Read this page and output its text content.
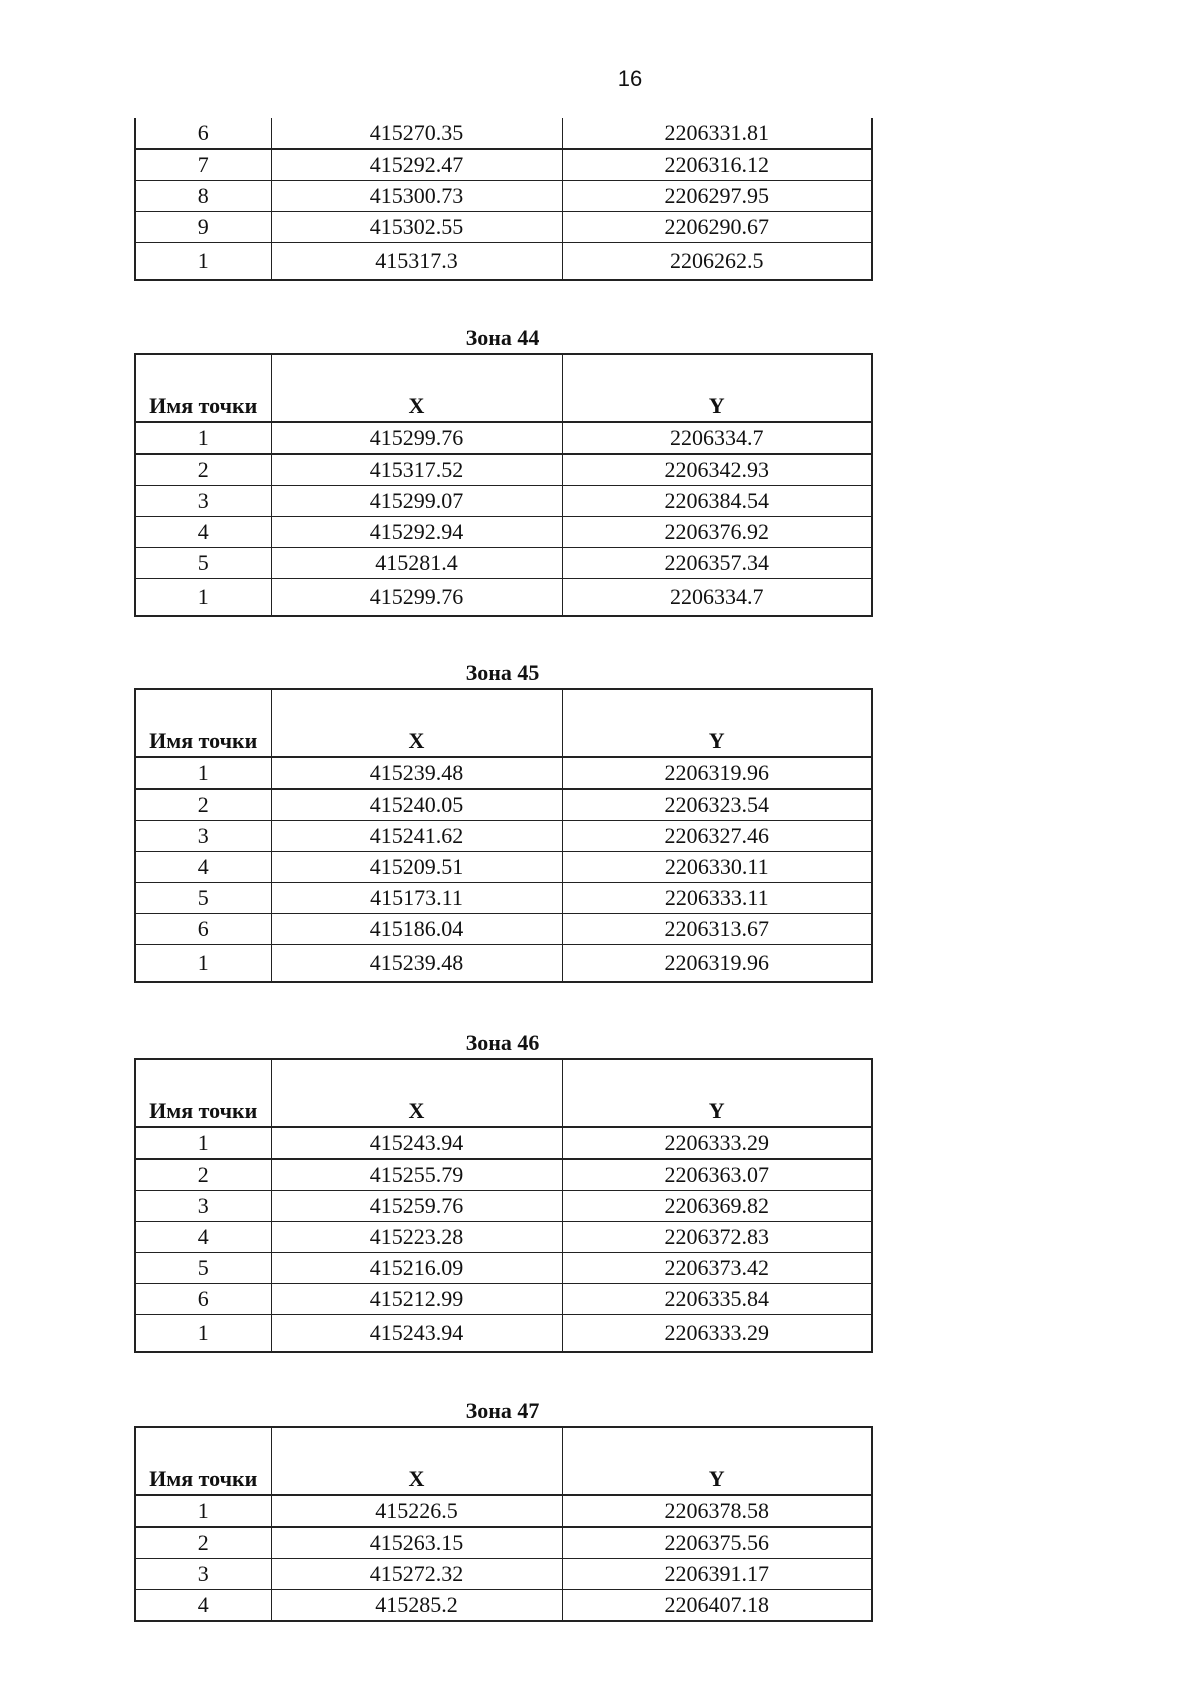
16
6	415270.35	2206331.81
7	415292.47	2206316.12
8	415300.73	2206297.95
9	415302.55	2206290.67
1	415317.3	2206262.5
Зона 44
Имя точки	X	Y
1	415299.76	2206334.7
2	415317.52	2206342.93
3	415299.07	2206384.54
4	415292.94	2206376.92
5	415281.4	2206357.34
1	415299.76	2206334.7
Зона 45
Имя точки	X	Y
1	415239.48	2206319.96
2	415240.05	2206323.54
3	415241.62	2206327.46
4	415209.51	2206330.11
5	415173.11	2206333.11
6	415186.04	2206313.67
1	415239.48	2206319.96
Зона 46
Имя точки	X	Y
1	415243.94	2206333.29
2	415255.79	2206363.07
3	415259.76	2206369.82
4	415223.28	2206372.83
5	415216.09	2206373.42
6	415212.99	2206335.84
1	415243.94	2206333.29
Зона 47
Имя точки	X	Y
1	415226.5	2206378.58
2	415263.15	2206375.56
3	415272.32	2206391.17
4	415285.2	2206407.18
